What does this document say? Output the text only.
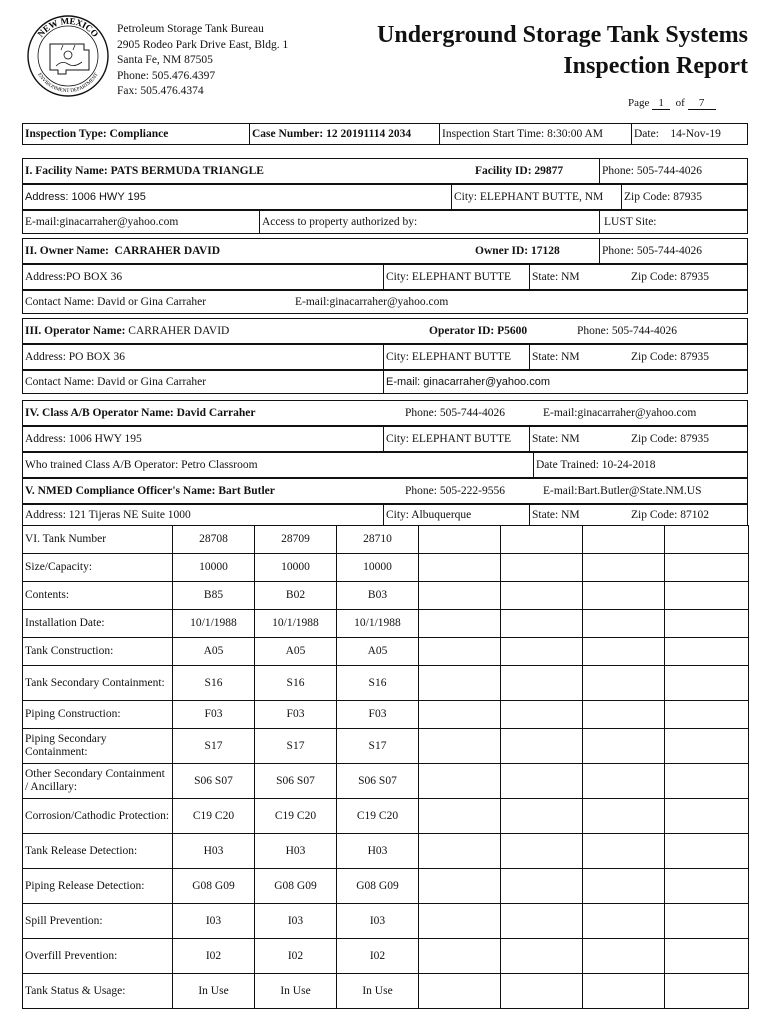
NEW MEXICO
ENVIRONMENT DEPARTMENT
Petroleum Storage Tank Bureau
2905 Rodeo Park Drive East, Bldg. 1
Santa Fe, NM 87505
Phone: 505.476.4397
Fax: 505.476.4374
Underground Storage Tank Systems
Inspection Report
Page 1 of 7
Inspection Type: Compliance	Case Number: 12 20191114 2034	Inspection Start Time: 8:30:00 AM	Date:
14-Nov-19
I. Facility Name: PATS BERMUDA TRIANGLE	Facility ID: 29877	Phone: 505-744-4026
Address: 1006 HWY 195	City: ELEPHANT BUTTE, NM	Zip Code: 87935
E-mail:ginacarraher@yahoo.com	Access to property authorized by:	LUST Site:
II. Owner Name:
CARRAHER DAVID	Owner ID: 17128	Phone: 505-744-4026
Address:PO BOX 36	City: ELEPHANT BUTTE	State: NM	Zip Code: 87935
Contact Name: David or Gina Carraher	E-mail:ginacarraher@yahoo.com
III. Operator Name:
CARRAHER DAVID	Operator ID: P5600	Phone: 505-744-4026
Address: PO BOX 36	City: ELEPHANT BUTTE	State: NM	Zip Code: 87935
Contact Name: David or Gina Carraher	E-mail: ginacarraher@yahoo.com
IV. Class A/B Operator Name: David Carraher	Phone: 505-744-4026	E-mail:ginacarraher@yahoo.com
Address: 1006 HWY 195	City: ELEPHANT BUTTE	State: NM	Zip Code: 87935
Who trained Class A/B Operator: Petro Classroom	Date Trained: 10-24-2018
V. NMED Compliance Officer's Name: Bart Butler	Phone: 505-222-9556	E-mail:Bart.Butler@State.NM.US
Address: 121 Tijeras NE Suite 1000	City: Albuquerque	State: NM	Zip Code: 87102
VI. Tank Number	28708	28709	28710				
Size/Capacity:	10000	10000	10000				
Contents:	B85	B02	B03				
Installation Date:	10/1/1988	10/1/1988	10/1/1988				
Tank Construction:	A05	A05	A05				
Tank Secondary Containment:	S16	S16	S16				
Piping Construction:	F03	F03	F03				
Piping Secondary Containment:	S17	S17	S17				
Other Secondary Containment / Ancillary:	S06 S07	S06 S07	S06 S07				
Corrosion/Cathodic Protection:	C19 C20	C19 C20	C19 C20				
Tank Release Detection:	H03	H03	H03				
Piping Release Detection:	G08 G09	G08 G09	G08 G09				
Spill Prevention:	I03	I03	I03				
Overfill Prevention:	I02	I02	I02				
Tank Status & Usage:	In Use	In Use	In Use				
